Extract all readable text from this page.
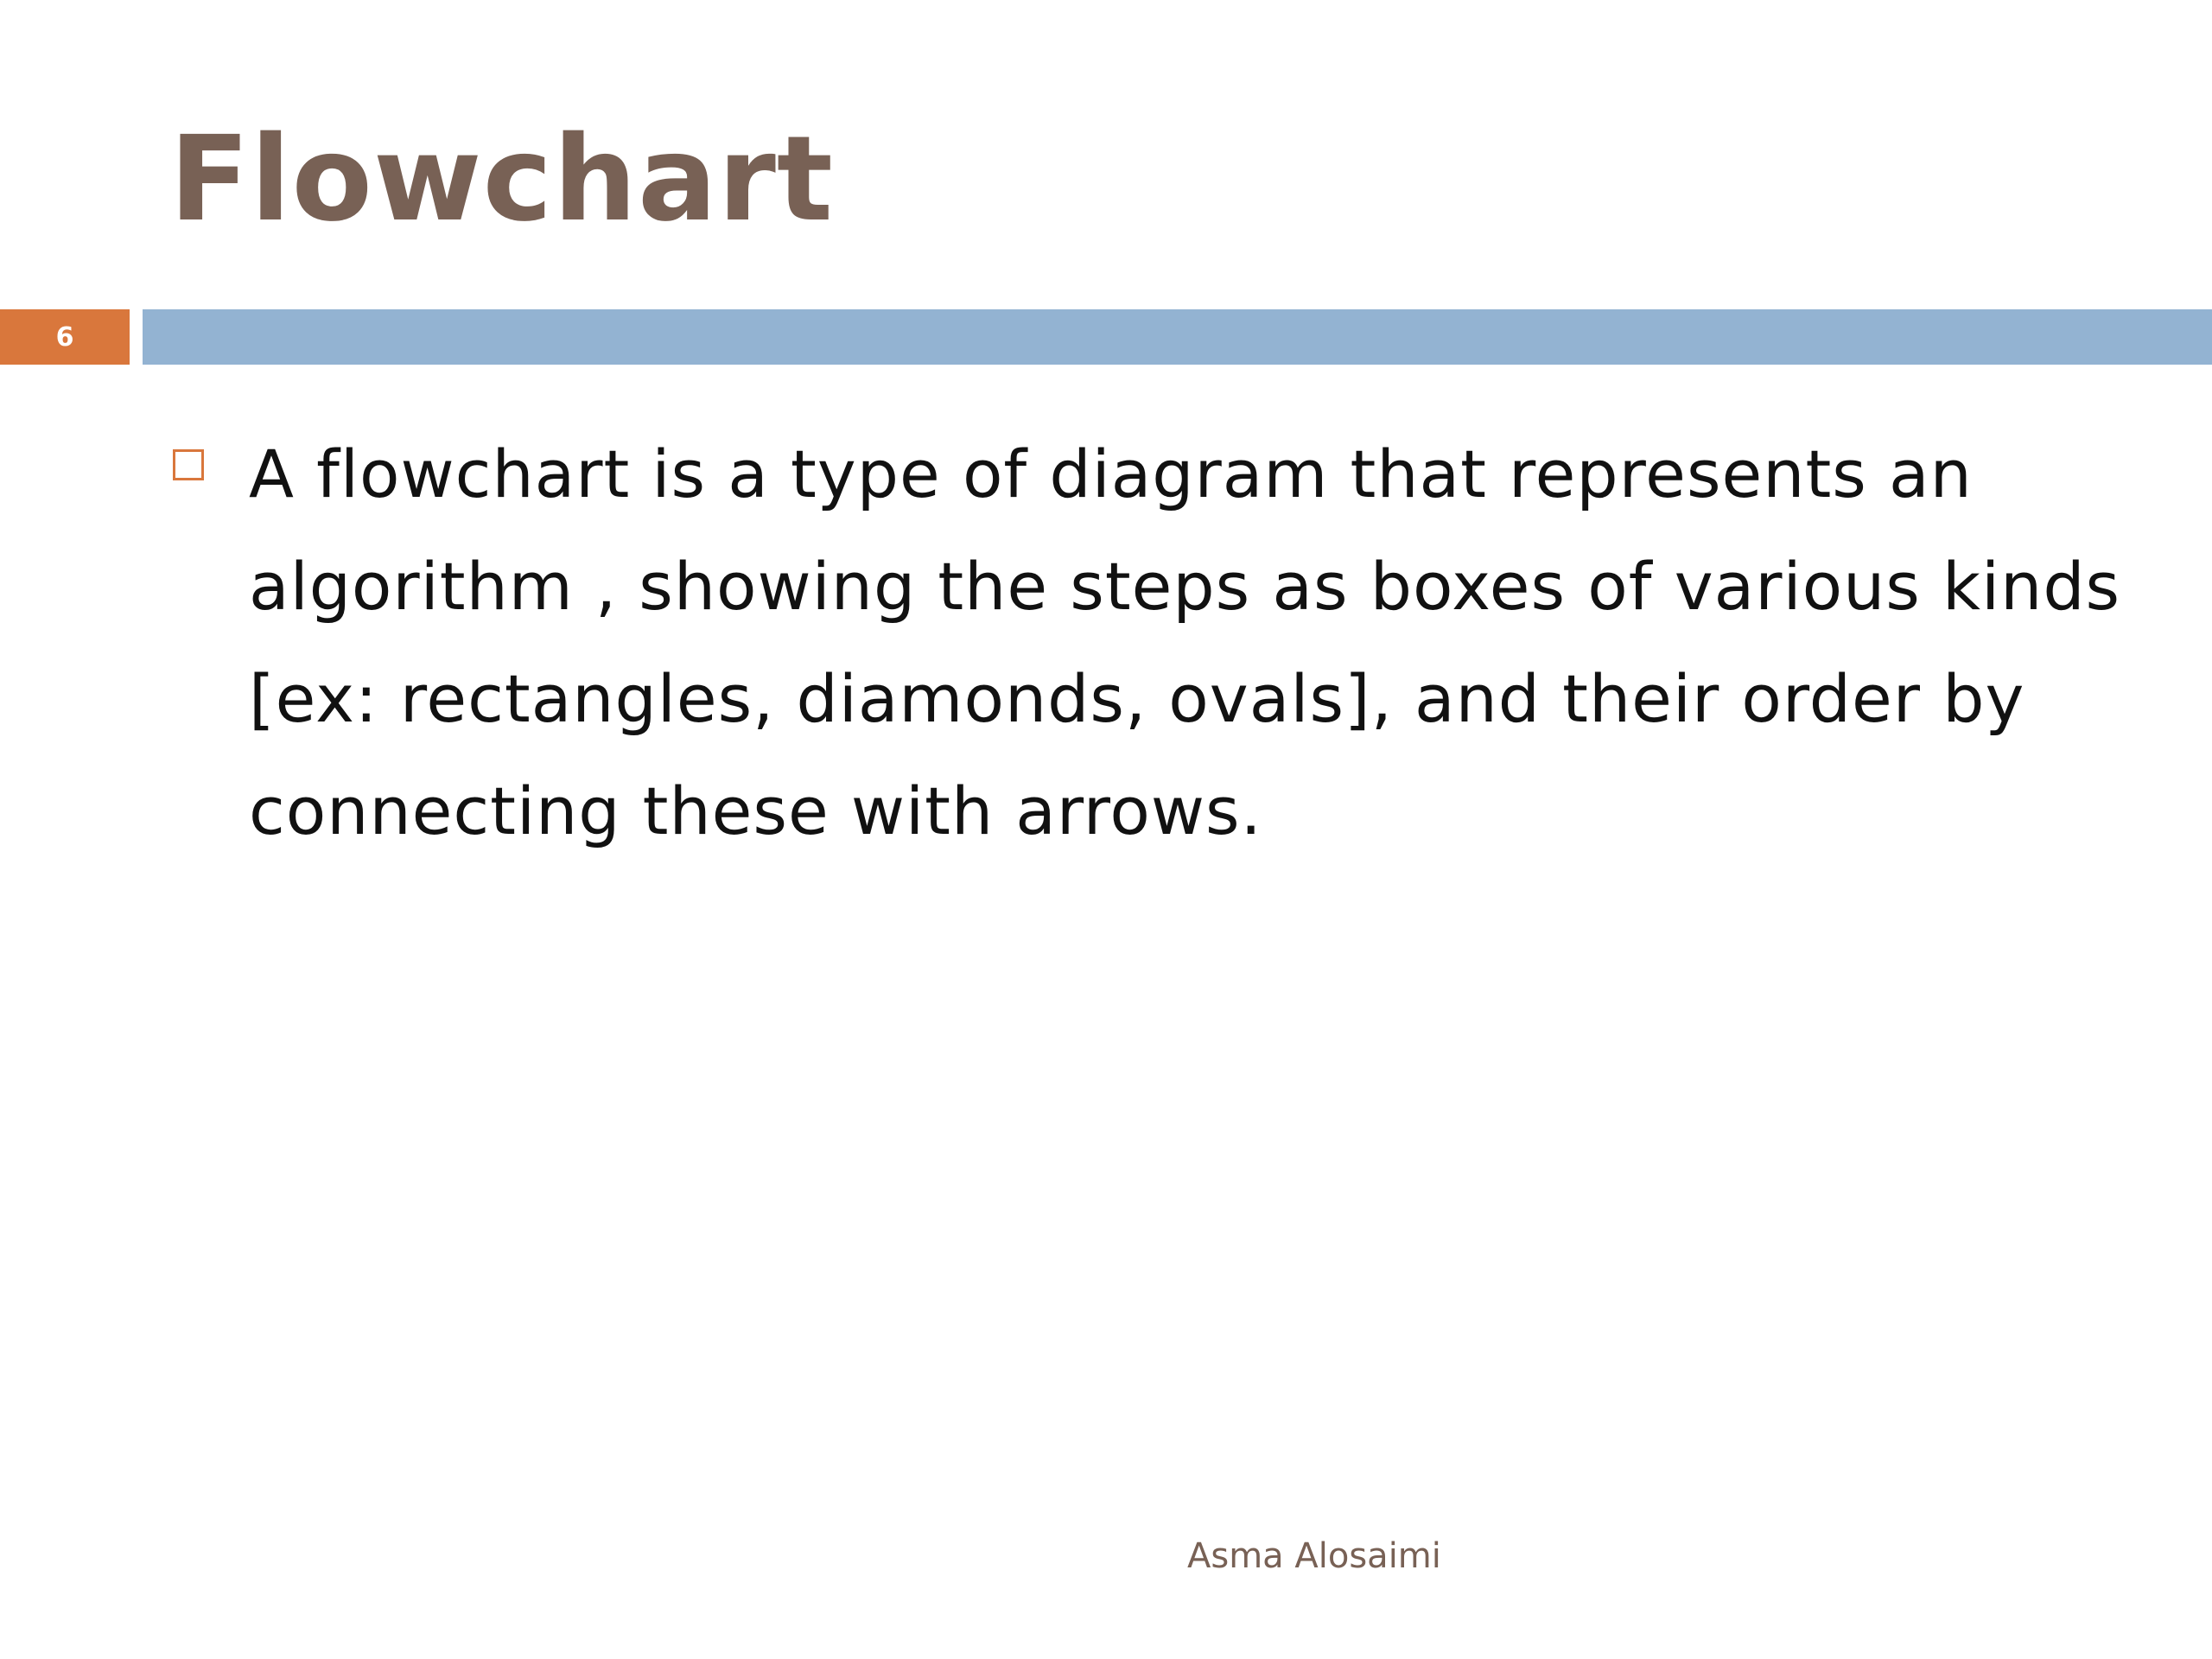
Flowchart
6
A flowchart is a type of diagram that represents an algorithm , showing the steps as boxes of various kinds [ex: rectangles, diamonds, ovals], and their order by connecting these with arrows.
Asma Alosaimi
